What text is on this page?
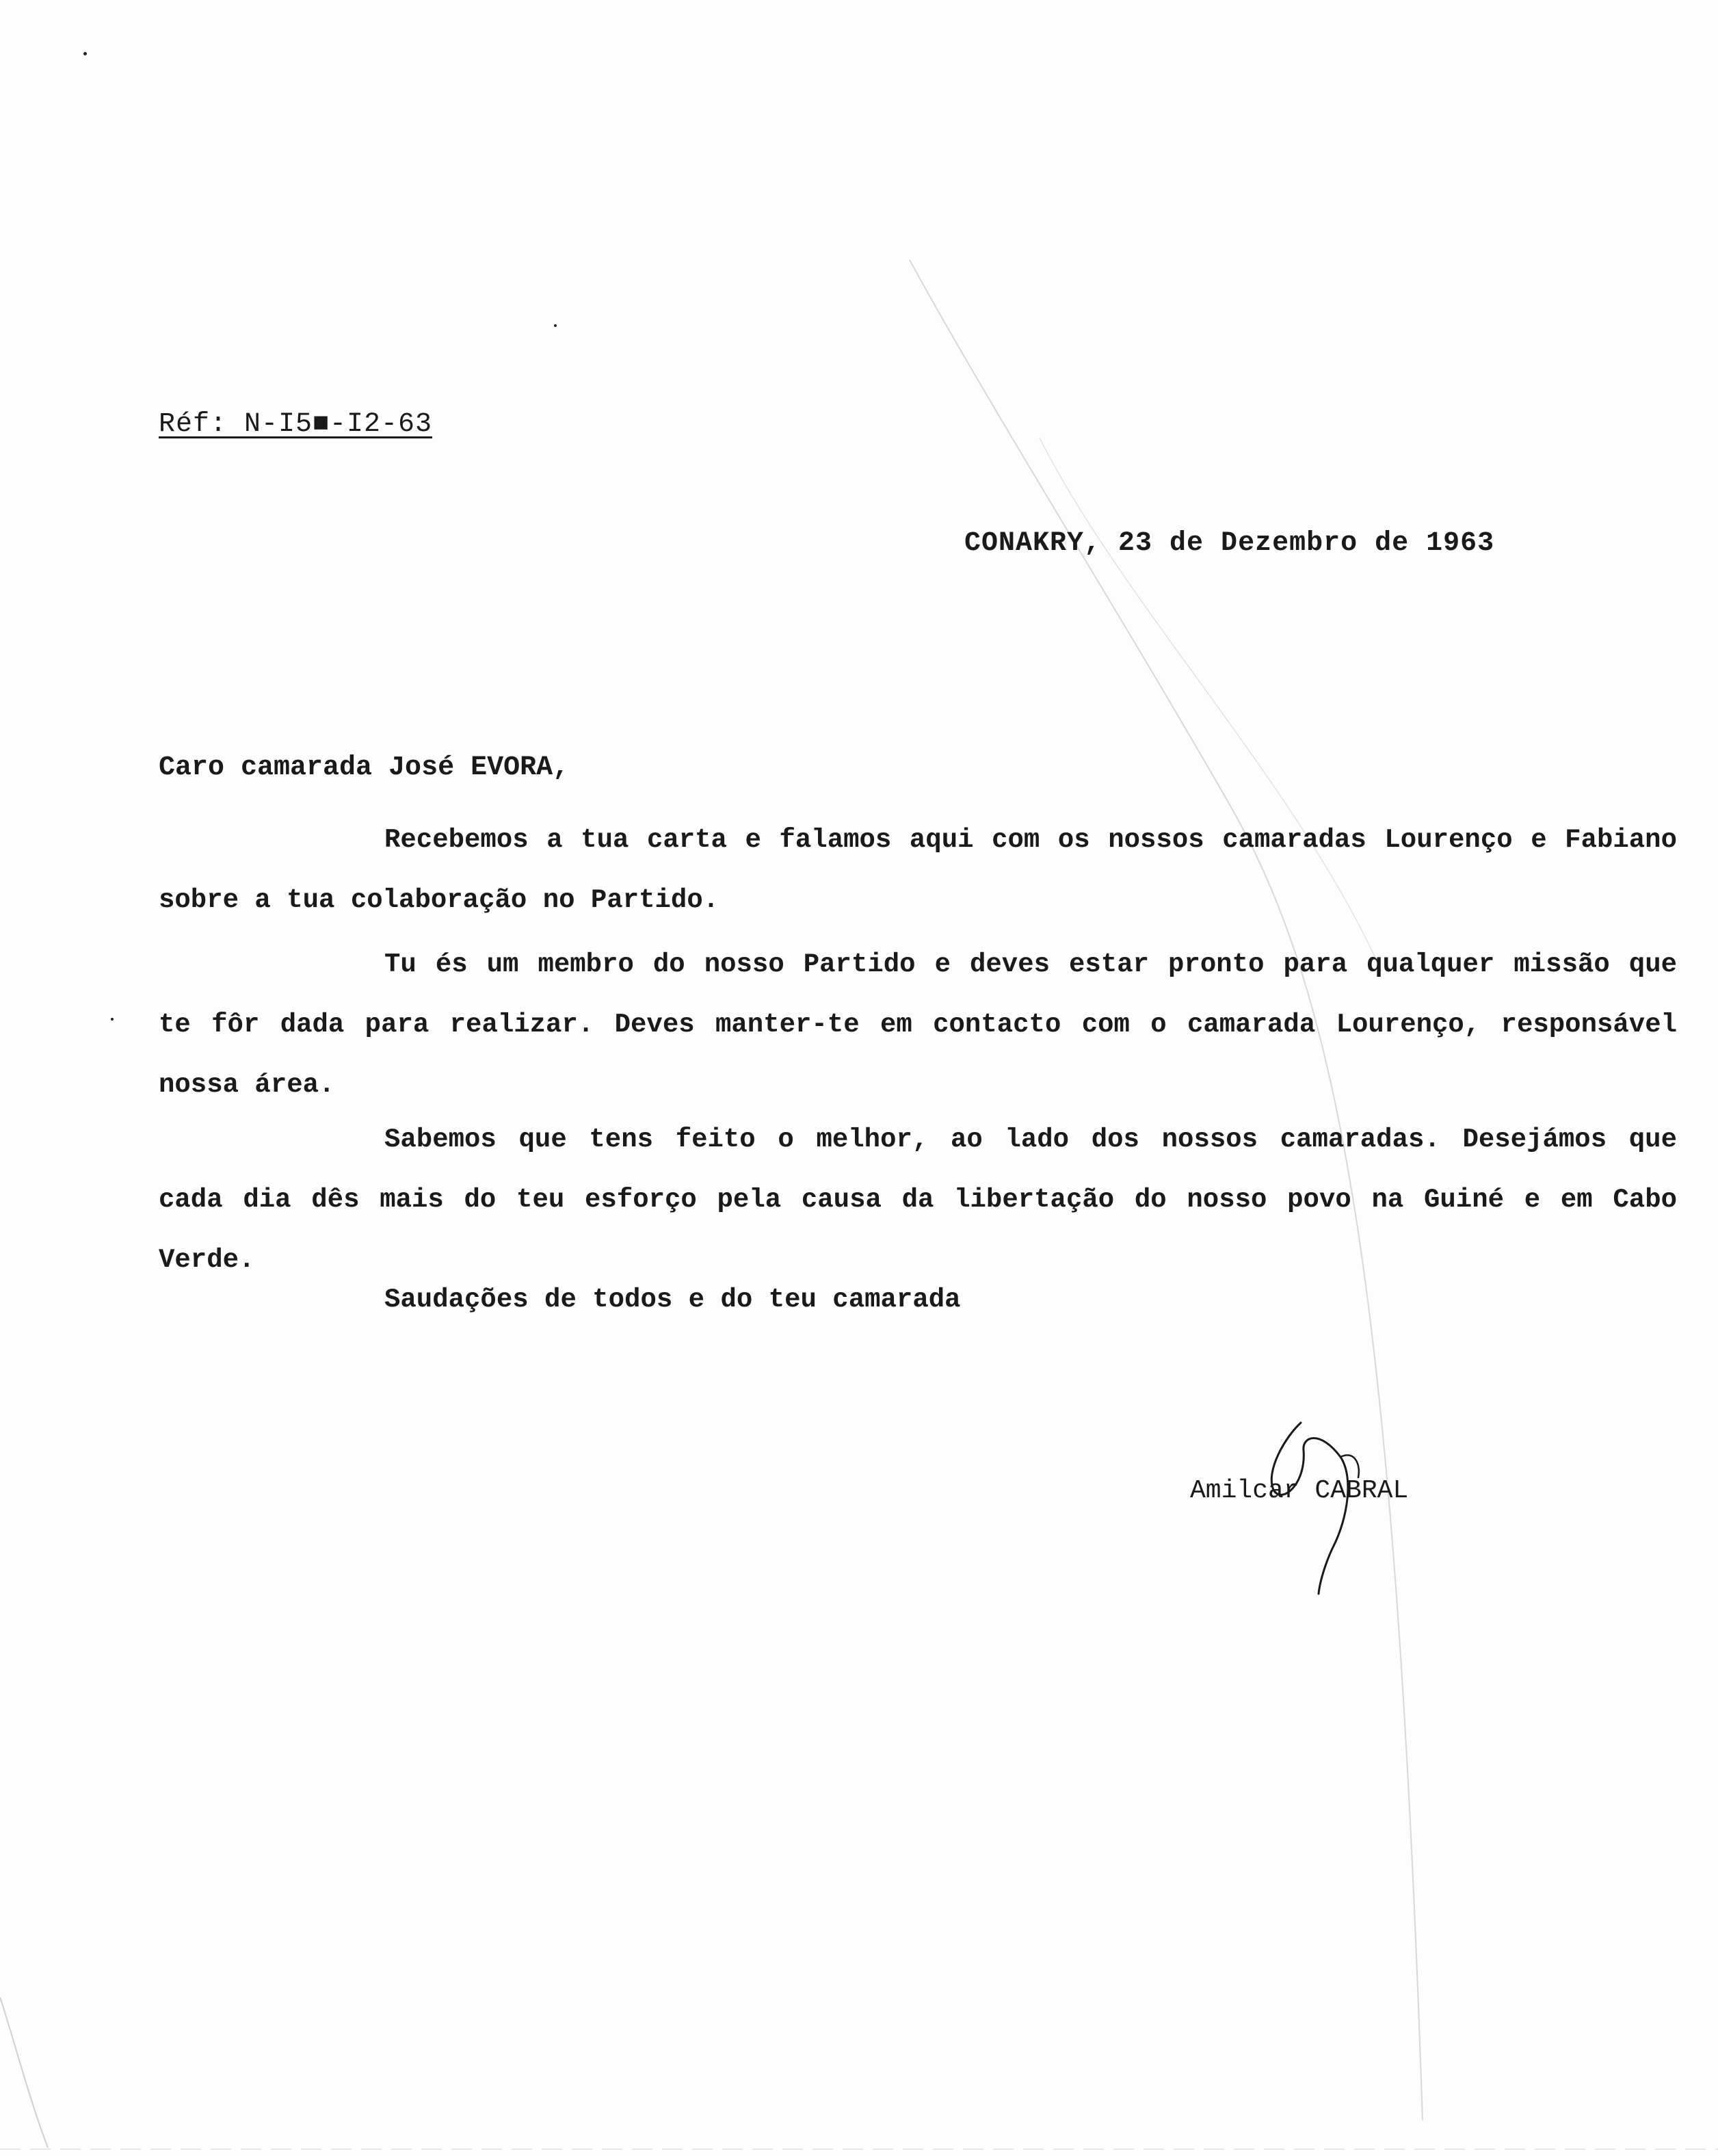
Réf: N-I5■-I2-63
CONAKRY, 23 de Dezembro de 1963
Caro camarada José EVORA,

Recebemos a tua carta e falamos aqui com os nossos camaradas Lourenço e Fabiano sobre a tua colaboração no Partido.

Tu és um membro do nosso Partido e deves estar pronto para qualquer missão que te fôr dada para realizar. Deves manter-te em contacto com o camarada Lourenço, responsável nossa área.

Sabemos que tens feito o melhor, ao lado dos nossos camaradas. Desejámos que cada dia dês mais do teu esforço pela causa da libertação do nosso povo na Guiné e em Cabo Verde.

Saudações de todos e do teu camarada
Amilcar CABRAL
